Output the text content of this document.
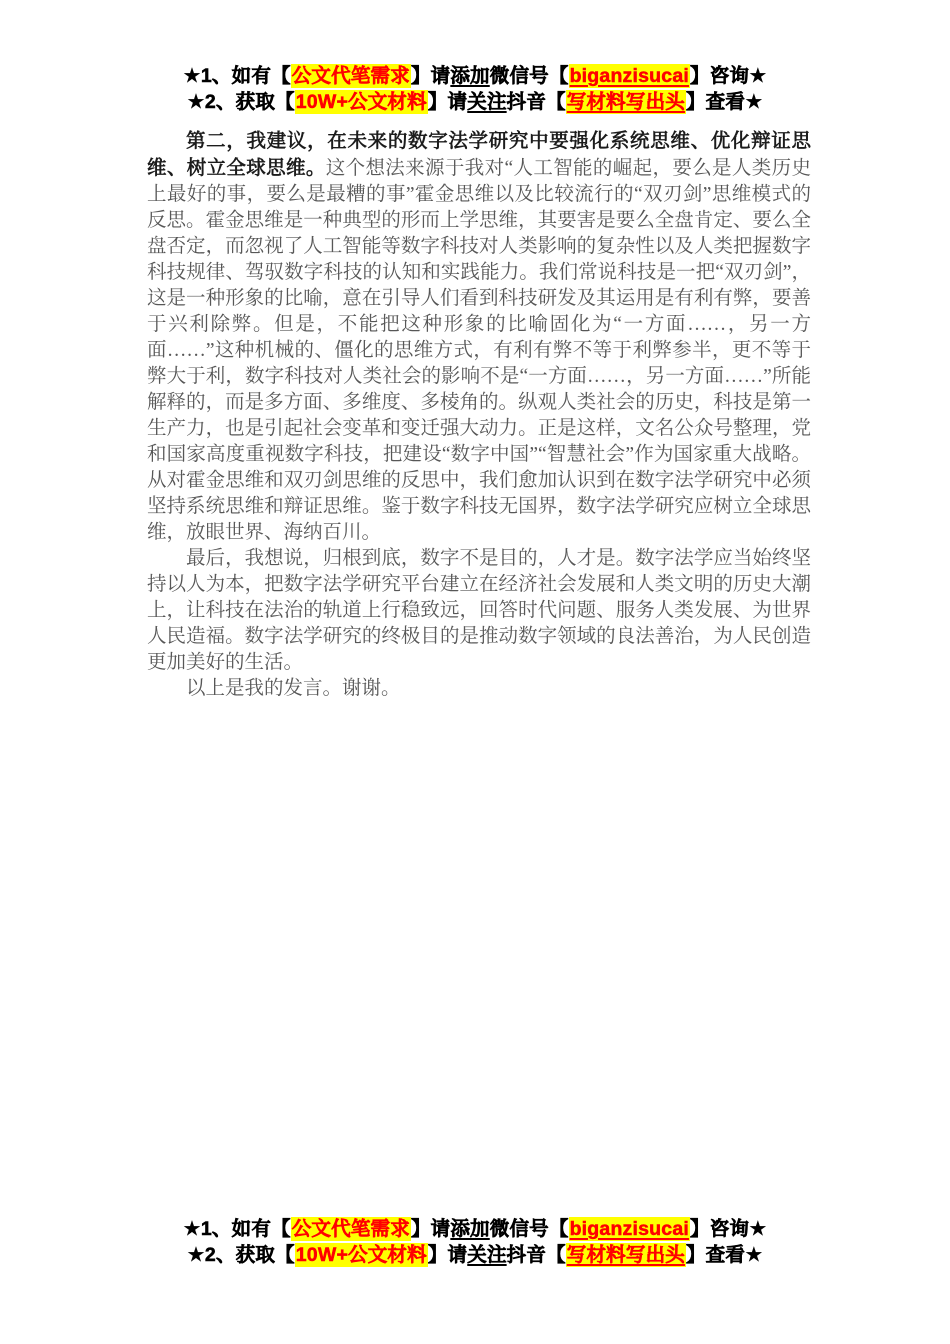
★1、如有【公文代笔需求】请添加微信号【biganzisucai】咨询★
★2、获取【10W+公文材料】请关注抖音【写材料写出头】查看★

第二，我建议，在未来的数字法学研究中要强化系统思维、优化辩证思维、树立全球思维。这个想法来源于我对“人工智能的崛起，要么是人类历史上最好的事，要么是最糟的事”霍金思维以及比较流行的“双刃剑”思维模式的反思。霍金思维是一种典型的形而上学思维，其要害是要么全盘肯定、要么全盘否定，而忽视了人工智能等数字科技对人类影响的复杂性以及人类把握数字科技规律、驾驭数字科技的认知和实践能力。我们常说科技是一把“双刃剑”，这是一种形象的比喻，意在引导人们看到科技研发及其运用是有利有弊，要善于兴利除弊。但是，不能把这种形象的比喻固化为“一方面……，另一方面……”这种机械的、僵化的思维方式，有利有弊不等于利弊参半，更不等于弊大于利，数字科技对人类社会的影响不是“一方面……，另一方面……”所能解释的，而是多方面、多维度、多棱角的。纵观人类社会的历史，科技是第一生产力，也是引起社会变革和变迁强大动力。正是这样，文名公众号整理，党和国家高度重视数字科技，把建设“数字中国”“智慧社会”作为国家重大战略。从对霍金思维和双刃剑思维的反思中，我们愈加认识到在数字法学研究中必须坚持系统思维和辩证思维。鉴于数字科技无国界，数字法学研究应树立全球思维，放眼世界、海纳百川。

最后，我想说，归根到底，数字不是目的，人才是。数字法学应当始终坚持以人为本，把数字法学研究平台建立在经济社会发展和人类文明的历史大潮上，让科技在法治的轨道上行稳致远，回答时代问题、服务人类发展、为世界人民造福。数字法学研究的终极目的是推动数字领域的良法善治，为人民创造更加美好的生活。

以上是我的发言。谢谢。

★1、如有【公文代笔需求】请添加微信号【biganzisucai】咨询★
★2、获取【10W+公文材料】请关注抖音【写材料写出头】查看★
